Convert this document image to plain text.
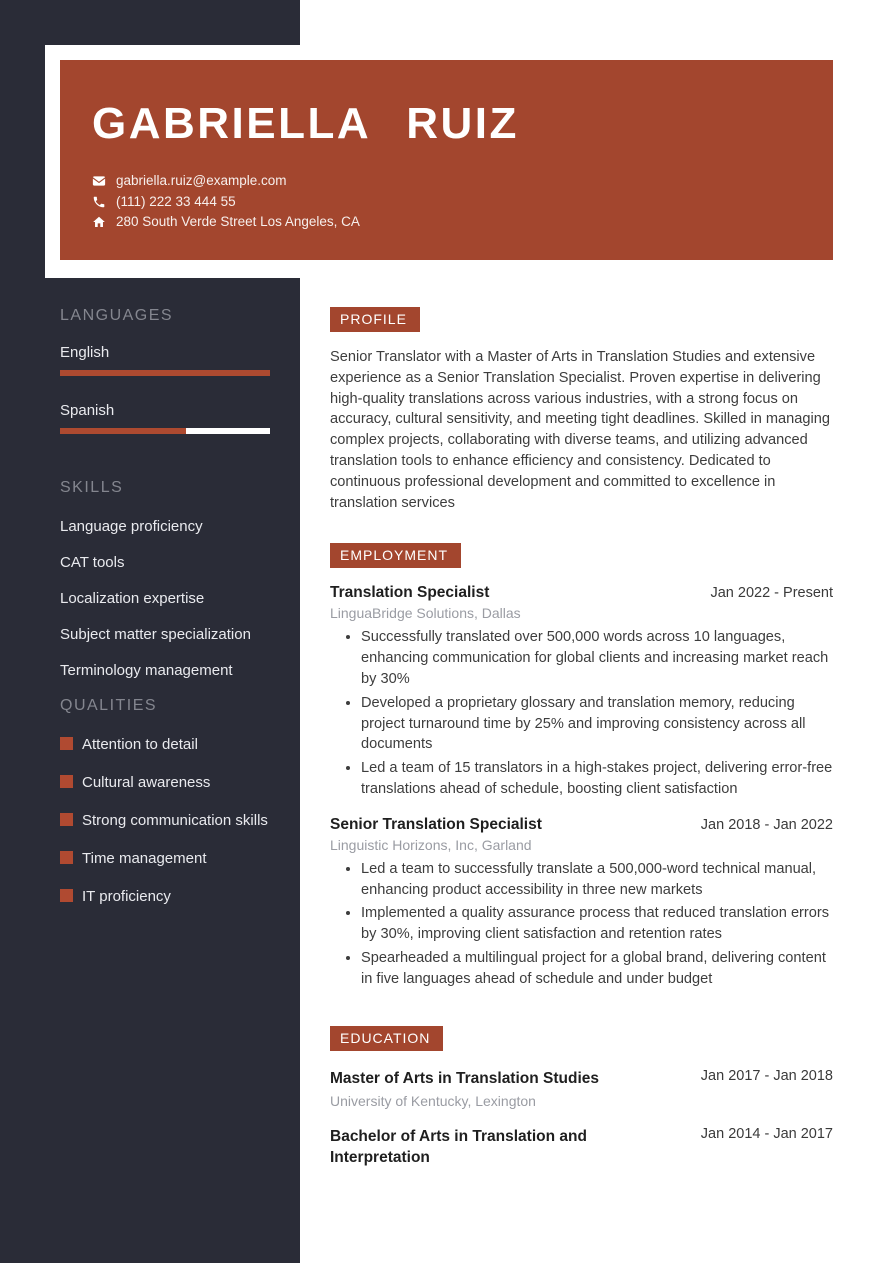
GABRIELLA RUIZ
gabriella.ruiz@example.com
(111) 222 33 444 55
280 South Verde Street Los Angeles, CA
LANGUAGES
English
Spanish
SKILLS
Language proficiency
CAT tools
Localization expertise
Subject matter specialization
Terminology management
QUALITIES
Attention to detail
Cultural awareness
Strong communication skills
Time management
IT proficiency
PROFILE

Senior Translator with a Master of Arts in Translation Studies and extensive experience as a Senior Translation Specialist. Proven expertise in delivering high-quality translations across various industries, with a strong focus on accuracy, cultural sensitivity, and meeting tight deadlines. Skilled in managing complex projects, collaborating with diverse teams, and utilizing advanced translation tools to enhance efficiency and consistency. Dedicated to continuous professional development and committed to excellence in translation services

EMPLOYMENT
Translation Specialist	Jan 2022 - Present
LinguaBridge Solutions, Dallas
• Successfully translated over 500,000 words across 10 languages, enhancing communication for global clients and increasing market reach by 30%
• Developed a proprietary glossary and translation memory, reducing project turnaround time by 25% and improving consistency across all documents
• Led a team of 15 translators in a high-stakes project, delivering error-free translations ahead of schedule, boosting client satisfaction
Senior Translation Specialist	Jan 2018 - Jan 2022
Linguistic Horizons, Inc, Garland
• Led a team to successfully translate a 500,000-word technical manual, enhancing product accessibility in three new markets
• Implemented a quality assurance process that reduced translation errors by 30%, improving client satisfaction and retention rates
• Spearheaded a multilingual project for a global brand, delivering content in five languages ahead of schedule and under budget
EDUCATION
Master of Arts in Translation Studies
University of Kentucky, Lexington
Jan 2017 - Jan 2018
Bachelor of Arts in Translation and Interpretation
Jan 2014 - Jan 2017
